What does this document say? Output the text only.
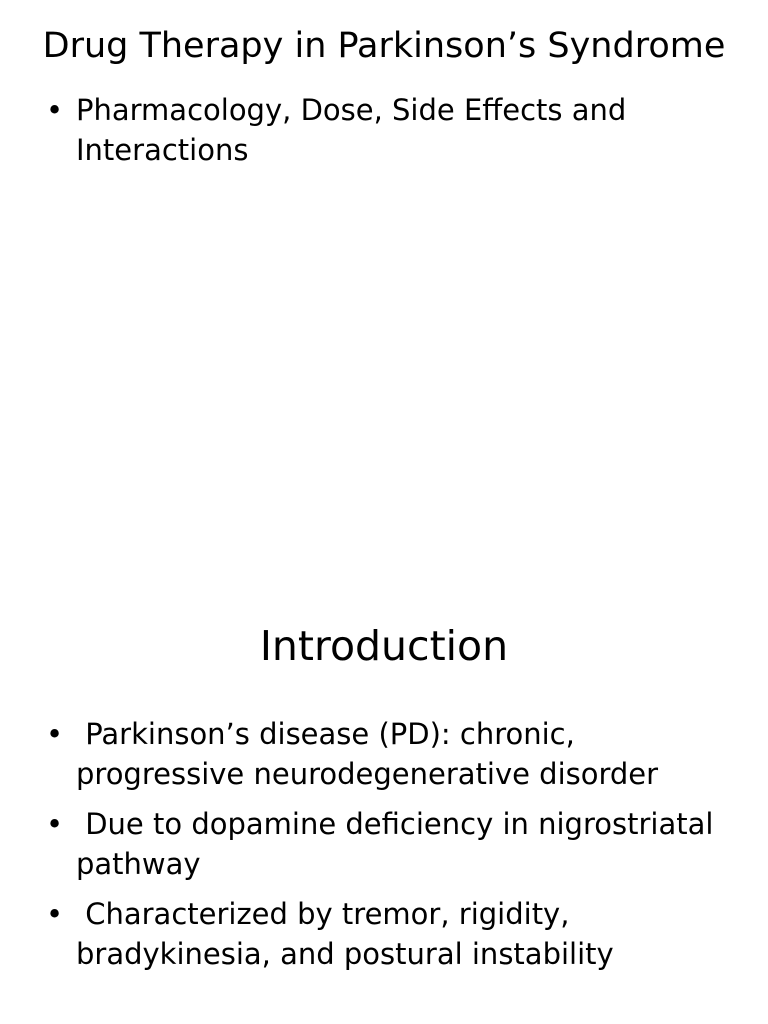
Drug Therapy in Parkinson’s Syndrome
• Pharmacology, Dose, Side Effects and Interactions
Introduction
• Parkinson’s disease (PD): chronic, progressive neurodegenerative disorder
• Due to dopamine deficiency in nigrostriatal pathway
• Characterized by tremor, rigidity, bradykinesia, and postural instability
